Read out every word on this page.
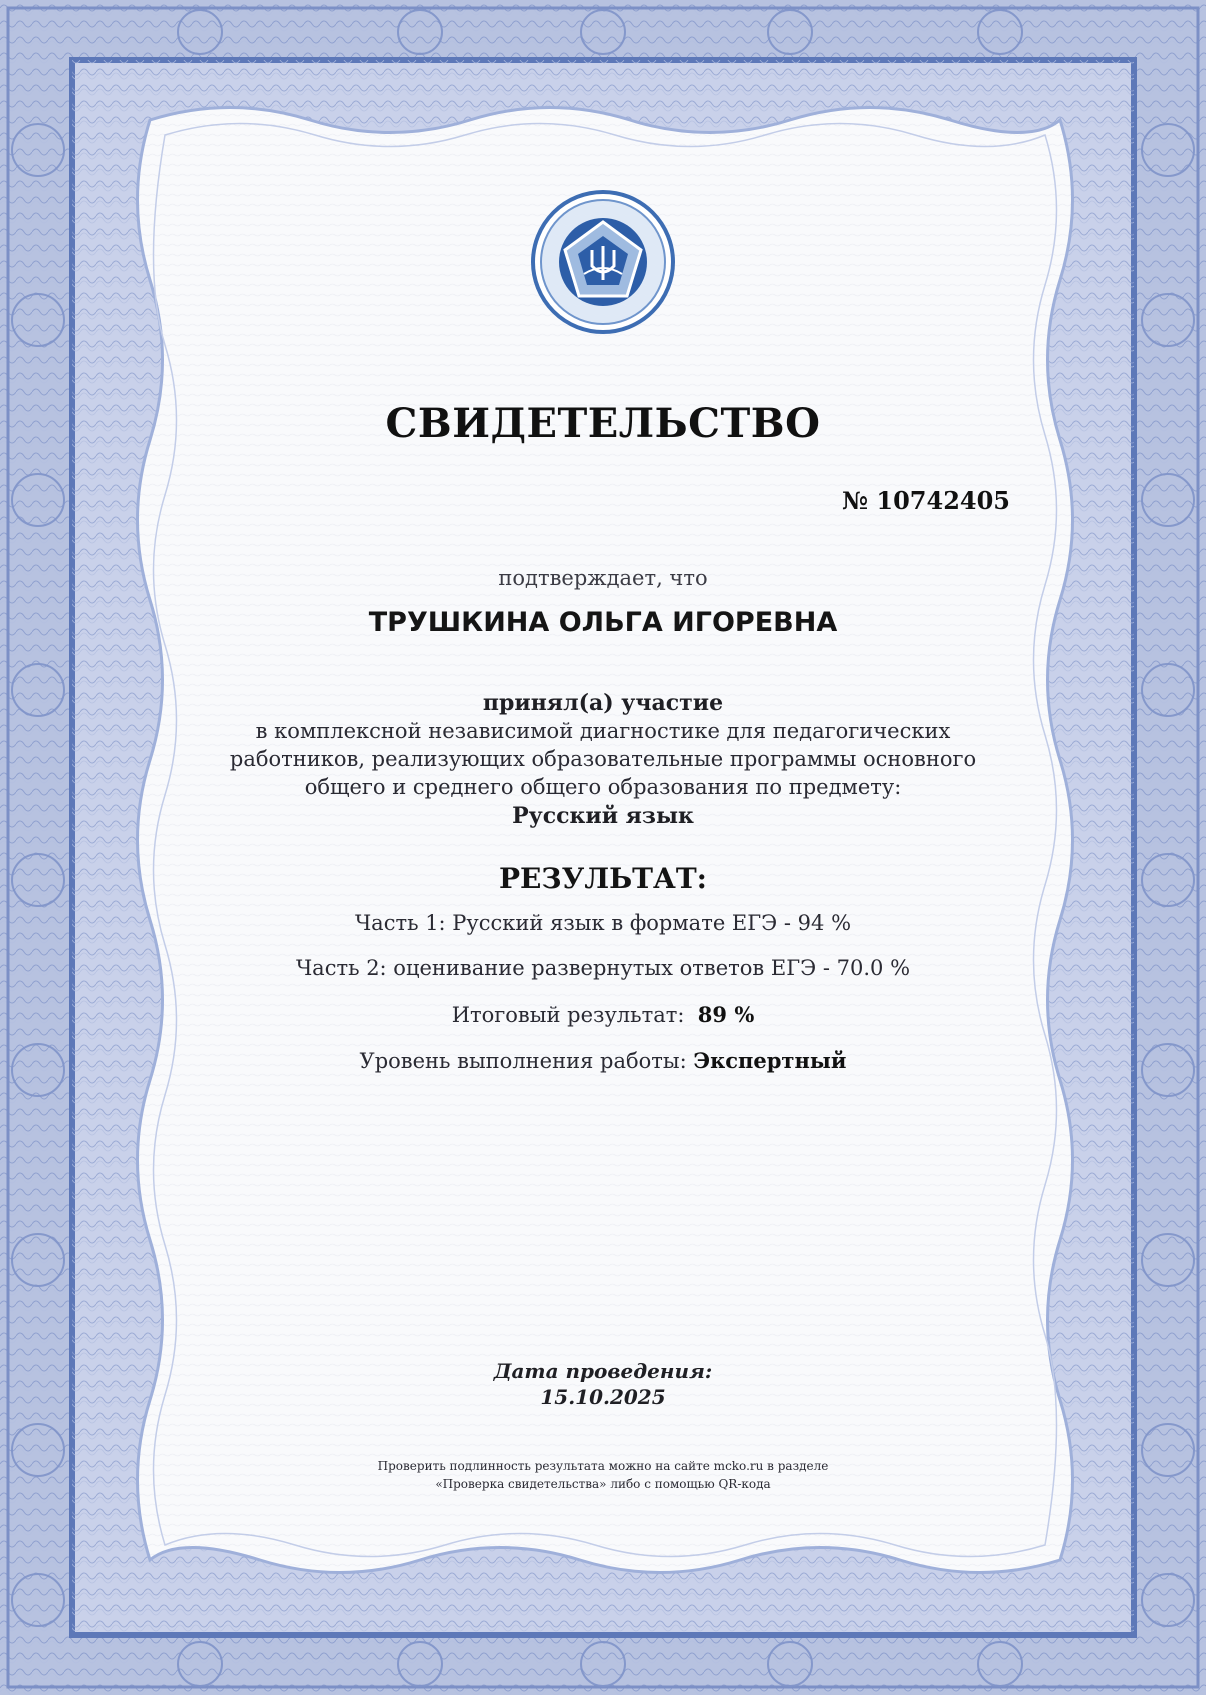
СВИДЕТЕЛЬСТВО
№ 10742405
подтверждает, что
ТРУШКИНА ОЛЬГА ИГОРЕВНА
принял(а) участие
в комплексной независимой диагностике для педагогических
работников, реализующих образовательные программы основного
общего и среднего общего образования по предмету:
Русский язык
РЕЗУЛЬТАТ:
Часть 1: Русский язык в формате ЕГЭ - 94 %
Часть 2: оценивание развернутых ответов ЕГЭ - 70.0 %
Итоговый результат: 89 %
Уровень выполнения работы: Экспертный
Дата проведения:
15.10.2025
Проверить подлинность результата можно на сайте mcko.ru в разделе
«Проверка свидетельства» либо с помощью QR-кода
